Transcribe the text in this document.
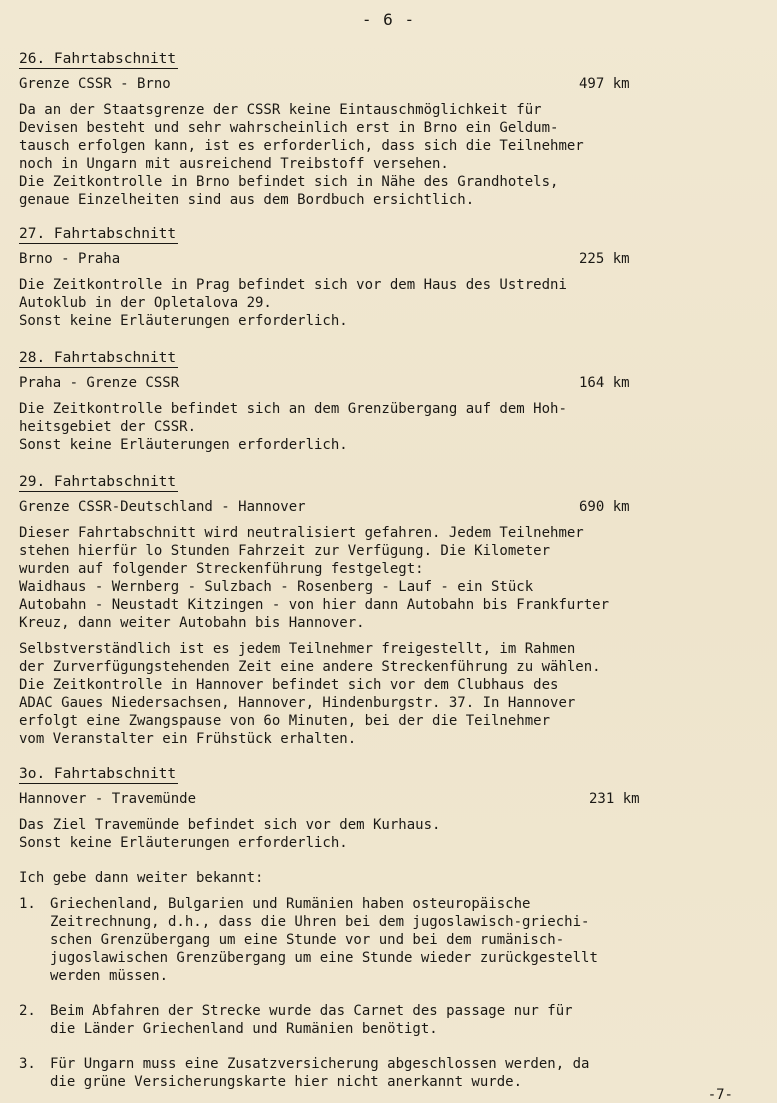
- 6 -
26. Fahrtabschnitt
Grenze CSSR - Brno	497 km

Da an der Staatsgrenze der CSSR keine Eintauschmöglichkeit für
Devisen besteht und sehr wahrscheinlich erst in Brno ein Geldum-
tausch erfolgen kann, ist es erforderlich, dass sich die Teilnehmer
noch in Ungarn mit ausreichend Treibstoff versehen.
Die Zeitkontrolle in Brno befindet sich in Nähe des Grandhotels,
genaue Einzelheiten sind aus dem Bordbuch ersichtlich.

27. Fahrtabschnitt
Brno - Praha	225 km

Die Zeitkontrolle in Prag befindet sich vor dem Haus des Ustredni
Autoklub in der Opletalova 29.
Sonst keine Erläuterungen erforderlich.

28. Fahrtabschnitt
Praha - Grenze CSSR	164 km

Die Zeitkontrolle befindet sich an dem Grenzübergang auf dem Hoh-
heitsgebiet der CSSR.
Sonst keine Erläuterungen erforderlich.

29. Fahrtabschnitt
Grenze CSSR-Deutschland - Hannover	690 km

Dieser Fahrtabschnitt wird neutralisiert gefahren. Jedem Teilnehmer
stehen hierfür lo Stunden Fahrzeit zur Verfügung. Die Kilometer
wurden auf folgender Streckenführung festgelegt:
Waidhaus - Wernberg - Sulzbach - Rosenberg - Lauf - ein Stück
Autobahn - Neustadt Kitzingen - von hier dann Autobahn bis Frankfurter
Kreuz, dann weiter Autobahn bis Hannover.

Selbstverständlich ist es jedem Teilnehmer freigestellt, im Rahmen
der Zurverfügungstehenden Zeit eine andere Streckenführung zu wählen.
Die Zeitkontrolle in Hannover befindet sich vor dem Clubhaus des
ADAC Gaues Niedersachsen, Hannover, Hindenburgstr. 37. In Hannover
erfolgt eine Zwangspause von 6o Minuten, bei der die Teilnehmer
vom Veranstalter ein Frühstück erhalten.

3o. Fahrtabschnitt
Hannover - Travemünde	231 km

Das Ziel Travemünde befindet sich vor dem Kurhaus.
Sonst keine Erläuterungen erforderlich.

Ich gebe dann weiter bekannt:
1.	Griechenland, Bulgarien und Rumänien haben osteuropäische
Zeitrechnung, d.h., dass die Uhren bei dem jugoslawisch-griechi-
schen Grenzübergang um eine Stunde vor und bei dem rumänisch-
jugoslawischen Grenzübergang um eine Stunde wieder zurückgestellt
werden müssen.
2.	Beim Abfahren der Strecke wurde das Carnet des passage nur für
die Länder Griechenland und Rumänien benötigt.
3.	Für Ungarn muss eine Zusatzversicherung abgeschlossen werden, da
die grüne Versicherungskarte hier nicht anerkannt wurde.
-7-
